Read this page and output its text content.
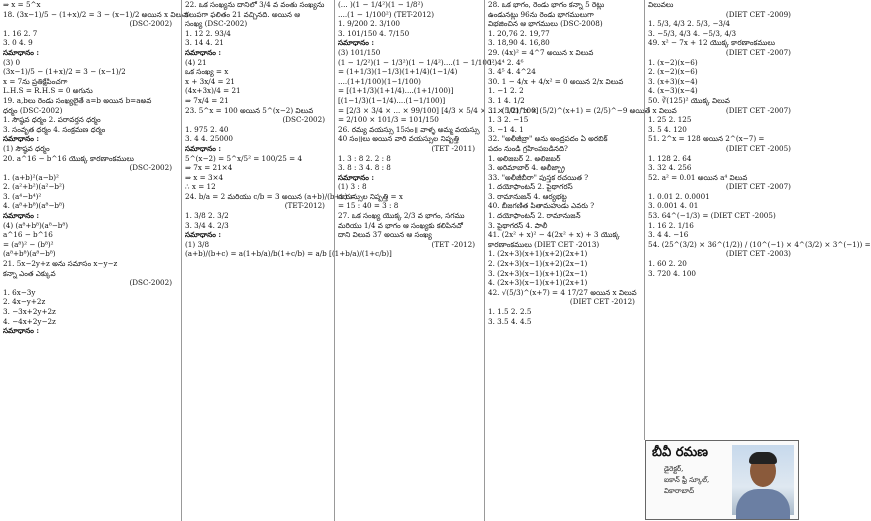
⇒ x = 5^x
18. (3x−1)/5 − (1+x)/2 = 3 − (x−1)/2 అయిన x విలువ
(DSC-2002)
1. 16 2. 7
3. 0 4. 9
సమాధానం :
(3) 0
(3x−1)/5 − (1+x)/2 = 3 − (x−1)/2
x = 7ను ప్రతిక్షేపించగా
L.H.S = R.H.S = 0 అగును
19. a,bలు రెండు సంఖ్యలైతే a=b అయిన b=aఅవ
ధర్మం (DSC-2002)
1. సౌష్ఠవ ధర్మం 2. పరావర్తన ధర్మం
3. సంవృత ధర్మం 4. సంక్రమణ ధర్మం
సమాధానం :
(1) సౌష్ఠవ ధర్మం
20. a^16 − b^16 యొక్క కారణాంకములు
(DSC-2002)
1. (a+b)²(a−b)²
2. (a²+b²)(a²−b²)
3. (a⁴−b⁴)²
4. (a⁸+b⁸)(a⁸−b⁸)
సమాధానం :
(4) (a⁸+b⁸)(a⁸−b⁸)
a^16 − b^16
= (a⁸)² − (b⁸)²
(a⁸+b⁸)(a⁸−b⁸)
21. 5x−2y+z అను సమాసం x−y−z
కన్నా ఎంత ఎక్కువ
(DSC-2002)
1. 6x−3y
2. 4x−y+2z
3. −3x+2y+2z
4. −4x+2y−2z
సమాధానం :
22. ఒక సంఖ్యను దానిలో 3/4 వ వంతు సంఖ్యను
కలుపగా ఫలితం 21 వచ్చినది. అయిన ఆ
సంఖ్య (DSC-2002)
1. 12 2. 93/4
3. 14 4. 21
సమాధానం :
(4) 21
ఒక సంఖ్య = x
x + 3x/4 = 21
(4x+3x)/4 = 21
⇒ 7x/4 = 21
23. 5^x = 100 అయిన 5^(x−2) విలువ
(DSC-2002)
1. 975 2. 40
3. 4 4. 25000
సమాధానం :
5^(x−2) = 5^x/5² = 100/25 = 4
⇒ 7x = 21×4
⇒ x = 3×4
∴ x = 12
24. b/a = 2 మరియు c/b = 3 అయిన (a+b)/(b+c) =
(TET-2012)
1. 3/8 2. 3/2
3. 3/4 4. 2/3
సమాధానం :
(1) 3/8
(a+b)/(b+c) = a(1+b/a)/b(1+c/b) = a/b [(1+b/a)/(1+c/b)]
(... )(1 − 1/4²)(1 − 1/8²)
....(1 − 1/100²) (TET-2012)
1. 9/200 2. 3/100
3. 101/150 4. 7/150
సమాధానం :
(3) 101/150
(1 − 1/2²)(1 − 1/3²)(1 − 1/4²)....(1 − 1/100²)
= (1+1/3)(1−1/3)(1+1/4)(1−1/4)
....(1+1/100)(1−1/100)
= [(1+1/3)(1+1/4)....(1+1/100)]
[(1−1/3)(1−1/4)....(1−1/100)]
= [2/3 × 3/4 × ... × 99/100] [4/3 × 5/4 × ... × 101/100]
= 2/100 × 101/3 = 101/150
26. రమ్య వయస్సు 15సం॥ వాళ్ళ అమ్మ వయస్సు
40 సం॥లు అయిన వారి వయస్సుల నిష్పత్తి
(TET -2011)
1. 3 : 8 2. 2 : 8
3. 8 : 3 4. 8 : 8
సమాధానం :
(1) 3 : 8
వయస్సుల నిష్పత్తి = x
= 15 : 40 = 3 : 8
27. ఒక సంఖ్య యొక్క 2/3 వ భాగం, సగము
మరియు 1/4 వ భాగం ఆ సంఖ్యకు కలిపినచో
దాని విలువ 37 అయిన ఆ సంఖ్య
(TET -2012)
28. ఒక భాగం, రెండు భాగం కన్నా 5 రెట్లు
ఉండునట్లు 96ను రెండు భాగములుగా
విభజించిన ఆ భాగములు (DSC-2008)
1. 20,76 2. 19,77
3. 18,90 4. 16,80
29. (4x)² = 4^7 అయిన x విలువ
1. 4⁴ 2. 4⁶
3. 4⁵ 4. 4^24
30. 1 − 4/x + 4/x² = 0 అయిన 2/x విలువ
1. −1 2. 2
3. 1 4. 1/2
31. (5/2)^x × (5/2)^(x+1) = (2/5)^−9 అయితే x విలువ
1. 3 2. −15
3. −1 4. 1
32. "అలీజీబ్రా" అను అంద్రపదం ఏ అరబిక్
పదం నుండి గ్రహింపబడినది?
1. అలిజబర్ 2. అలిజబర్
3. అరిమాబార్ 4. అలీజ్బ్రా
33. "అలీజీబీరా" పుస్తక రచయిత ?
1. దయోఫాంటస్ 2. పైథాగరస్
3. రామానుజన్ 4. ఆర్యభట్ట
40. బీజగణిత పితామహుడు ఎవరు ?
1. దయోఫాంటస్ 2. రామానుజన్
3. పైథాగరస్ 4. పాలీ
41. (2x² + x)² − 4(2x² + x) + 3 యొక్క
కారణాంకములు (DIET CET -2013)
1. (2x+3)(x+1)(x+2)(2x+1)
2. (2x+3)(x−1)(x+2)(2x−1)
3. (2x+3)(x−1)(x+1)(2x−1)
4. (2x+3)(x−1)(x+1)(2x+1)
42. √(5/3)^(x+7) = 4 17/27 అయిన x విలువ
(DIET CET -2012)
1. 1.5 2. 2.5
3. 3.5 4. 4.5
విలువలు
(DIET CET -2009)
1. 5/3, 4/3 2. 5/3, −3/4
3. −5/3, 4/3 4. −5/3, 4/3
49. x² − 7x + 12 యొక్క కారణాంకములు
(DIET CET -2007)
1. (x−2)(x−6)
2. (x−2)(x−6)
3. (x+3)(x−4)
4. (x−3)(x−4)
50. ∛(125)² యొక్క విలువ
(DIET CET -2007)
1. 25 2. 125
3. 5 4. 120
51. 2^x = 128 అయిన 2^(x−7) =
(DIET CET -2005)
1. 128 2. 64
3. 32 4. 256
52. a² = 0.01 అయిన a⁴ విలువ
(DIET CET -2007)
1. 0.01 2. 0.0001
3. 0.001 4. 01
53. 64^(−1/3) = (DIET CET -2005)
1. 16 2. 1/16
3. 4 4. −16
54. (25^(3/2) × 36^(1/2)) / (10^(−1) × 4^(3/2) × 3^(−1)) =
(DIET CET -2003)
1. 60 2. 20
3. 720 4. 100
బీవీ రమణ
డైరెక్టర్,
ఐకాన్ ఫ్రీ స్కూల్,
వికారాబాద్
